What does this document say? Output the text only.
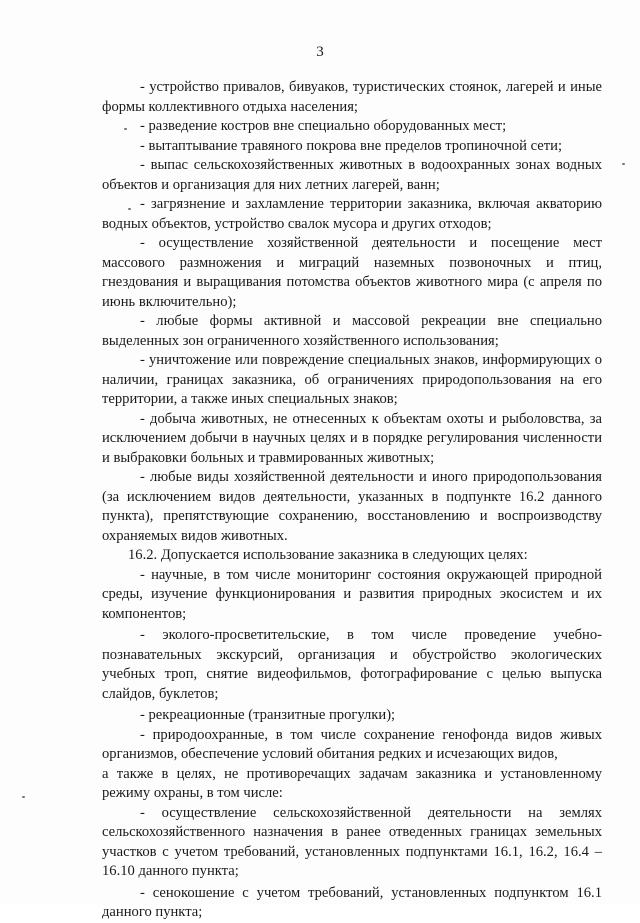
3

- устройство привалов, бивуаков, туристических стоянок, лагерей и иные формы коллективного отдыха населения;

- разведение костров вне специально оборудованных мест;

- вытаптывание травяного покрова вне пределов тропиночной сети;

- выпас сельскохозяйственных животных в водоохранных зонах водных объектов и организация для них летних лагерей, ванн;

- загрязнение и захламление территории заказника, включая акваторию водных объектов, устройство свалок мусора и других отходов;

- осуществление хозяйственной деятельности и посещение мест массового размножения и миграций наземных позвоночных и птиц, гнездования и выращивания потомства объектов животного мира (с апреля по июнь включительно);

- любые формы активной и массовой рекреации вне специально выделенных зон ограниченного хозяйственного использования;

- уничтожение или повреждение специальных знаков, информирующих о наличии, границах заказника, об ограничениях природопользования на его территории, а также иных специальных знаков;

- добыча животных, не отнесенных к объектам охоты и рыболовства, за исключением добычи в научных целях и в порядке регулирования численности и выбраковки больных и травмированных животных;

- любые виды хозяйственной деятельности и иного природопользования (за исключением видов деятельности, указанных в подпункте 16.2 данного пункта), препятствующие сохранению, восстановлению и воспроизводству охраняемых видов животных.

16.2. Допускается использование заказника в следующих целях:

- научные, в том числе мониторинг состояния окружающей природной среды, изучение функционирования и развития природных экосистем и их компонентов;

- эколого-просветительские, в том числе проведение учебно-познавательных экскурсий, организация и обустройство экологических учебных троп, снятие видеофильмов, фотографирование с целью выпуска слайдов, буклетов;

- рекреационные (транзитные прогулки);

- природоохранные, в том числе сохранение генофонда видов живых организмов, обеспечение условий обитания редких и исчезающих видов,

а также в целях, не противоречащих задачам заказника и установленному режиму охраны, в том числе:

- осуществление сельскохозяйственной деятельности на землях сельскохозяйственного назначения в ранее отведенных границах земельных участков с учетом требований, установленных подпунктами 16.1, 16.2, 16.4 – 16.10 данного пункта;

- сенокошение с учетом требований, установленных подпунктом 16.1 данного пункта;
